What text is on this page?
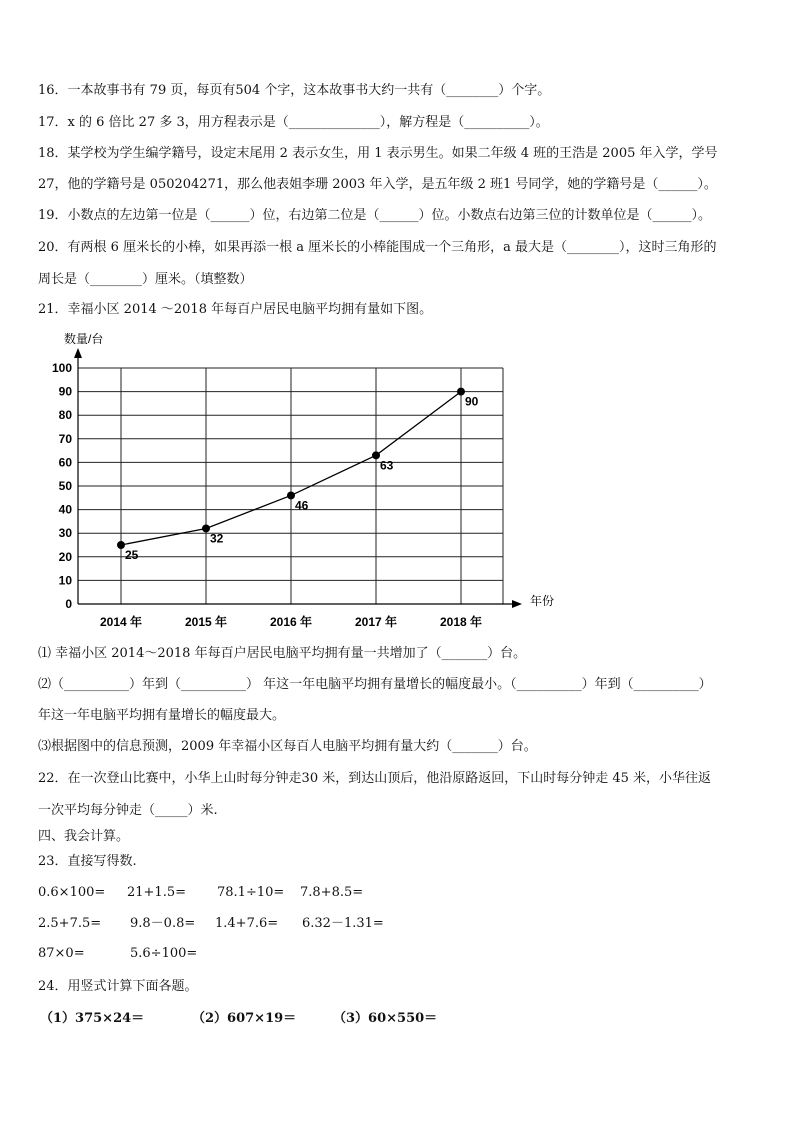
16．一本故事书有 79 页，每页有504 个字，这本故事书大约一共有（________）个字。
17．x 的 6 倍比 27 多 3，用方程表示是（______________），解方程是（__________）。
18．某学校为学生编学籍号，设定末尾用 2 表示女生，用 1 表示男生。如果二年级 4 班的王浩是 2005 年入学，学号
27，他的学籍号是 050204271，那么他表姐李珊 2003 年入学，是五年级 2 班1 号同学，她的学籍号是（______）。
19．小数点的左边第一位是（______）位，右边第二位是（______）位。小数点右边第三位的计数单位是（______）。
20．有两根 6 厘米长的小棒，如果再添一根 a 厘米长的小棒能围成一个三角形，a 最大是（________），这时三角形的
周长是（________）厘米。（填整数）
21．幸福小区 2014 ～2018 年每百户居民电脑平均拥有量如下图。
0
10
20
30
40
50
60
70
80
90
100
2014 年	2015 年	2016 年	2017 年	2018 年
数量/台
年份
25
32
46
63
90
⑴ 幸福小区 2014～2018 年每百户居民电脑平均拥有量一共增加了（_______）台。
⑵（__________）年到（__________） 年这一年电脑平均拥有量增长的幅度最小。（__________）年到（__________）
年这一年电脑平均拥有量增长的幅度最大。
⑶根据图中的信息预测，2009 年幸福小区每百人电脑平均拥有量大约（_______）台。
22．在一次登山比赛中，小华上山时每分钟走30 米，到达山顶后，他沿原路返回，下山时每分钟走 45 米，小华往返
一次平均每分钟走（_____）米.
四、我会计算。
23．直接写得数.
0.6×100= 21+1.5= 78.1÷10= 7.8+8.5=
2.5+7.5= 9.8－0.8= 1.4+7.6= 6.32－1.31=
87×0=	5.6÷100=
24．用竖式计算下面各题。
（1）375×24＝	（2）607×19＝	（3）60×550＝
